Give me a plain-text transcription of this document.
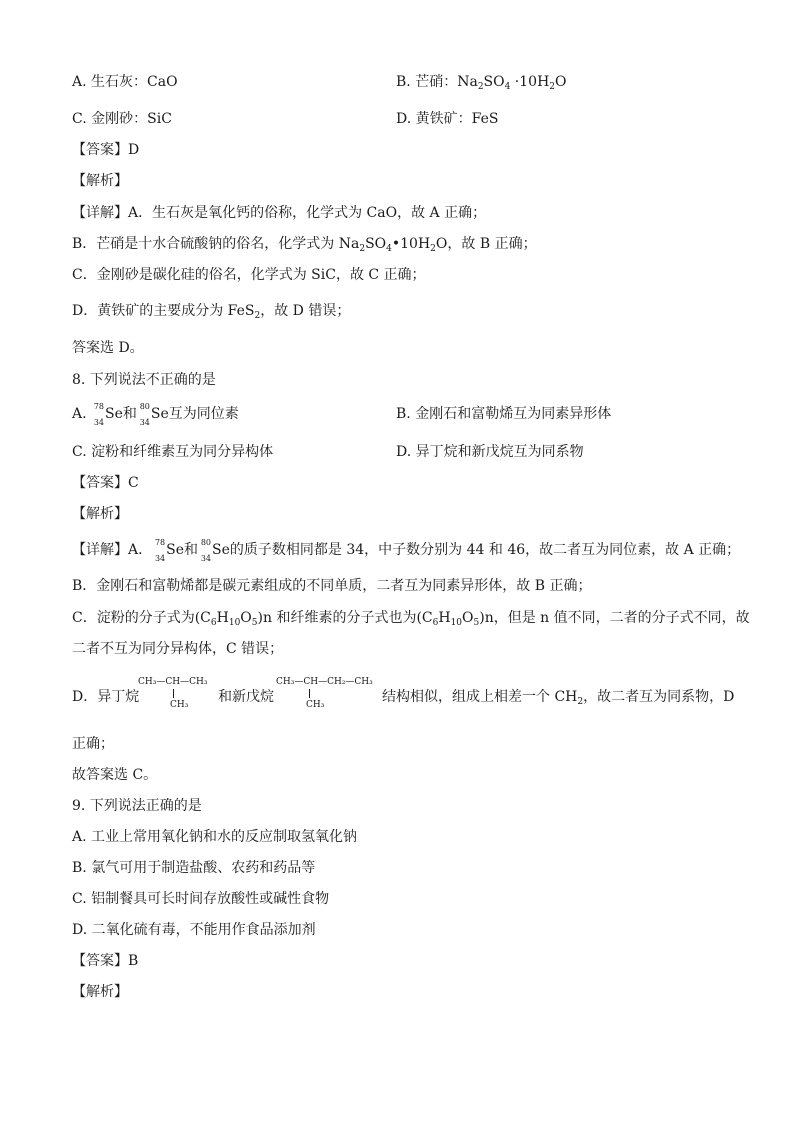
A. 生石灰：CaO	B. 芒硝：$Na_2SO_4 \cdot 10H_2O$
C. 金刚砂：SiC	D. 黄铁矿：FeS
【答案】D
【解析】
【详解】A．生石灰是氧化钙的俗称，化学式为 CaO，故 A 正确；
B．芒硝是十水合硫酸钠的俗名，化学式为 $Na_2SO_4•10H_2O$，故 B 正确；
C．金刚砂是碳化硅的俗名，化学式为 SiC，故 C 正确；
D．黄铁矿的主要成分为 FeS$_2$，故 D 错误；
答案选 D。
8. 下列说法不正确的是
A. 78
34
Se和 80
34
Se互为同位素	B. 金刚石和富勒烯互为同素异形体
C. 淀粉和纤维素互为同分异构体	D. 异丁烷和新戊烷互为同系物
【答案】C
【解析】
【详解】A． 78
34
Se和 80
34
Se的质子数相同都是 34，中子数分别为 44 和 46，故二者互为同位素，故 A 正确；
B．金刚石和富勒烯都是碳元素组成的不同单质，二者互为同素异形体，故 B 正确；
C．淀粉的分子式为$(C_6H_{10}O_5)n$ 和纤维素的分子式也为$(C_6H_{10}O_5)n$，但是 n 值不同，二者的分子式不同，故
二者不互为同分异构体，C 错误；
D．异丁烷
CH₃—CH—CH₃
CH₃ 和新戊烷
CH₃—CH—CH₂—CH₃
CH₃	结构相似，组成上相差一个 $CH_2$，故二者互为同系物，D
正确；
故答案选 C。
9. 下列说法正确的是
A. 工业上常用氧化钠和水的反应制取氢氧化钠
B. 氯气可用于制造盐酸、农药和药品等
C. 铝制餐具可长时间存放酸性或碱性食物
D. 二氧化硫有毒，不能用作食品添加剂
【答案】B
【解析】
